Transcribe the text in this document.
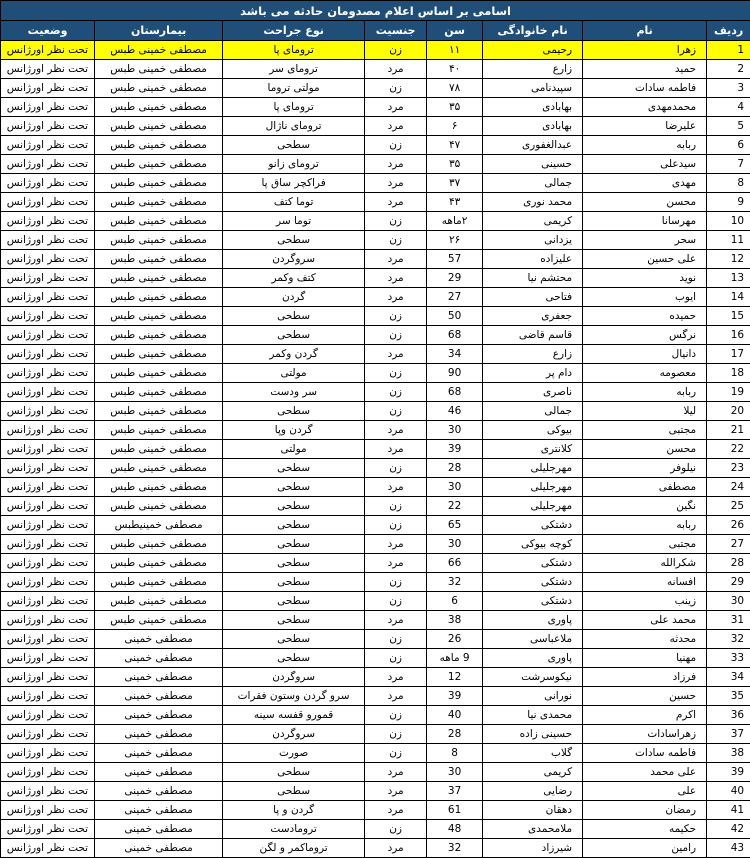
اسامی بر اساس اعلام مصدومان حادثه می باشد							
ردیف	نام	نام خانوادگی	سن	جنسیت	نوع جراحت	بیمارستان	وضعیت
1	زهرا	رحیمی	۱۱	زن	ترومای پا	مصطفی خمینی طبس	تحت نظر اورژانس
2	حمید	زارع	۴۰	مرد	ترومای سر	مصطفی خمینی طبس	تحت نظر اورژانس
3	فاطمه سادات	سپیدنامی	۷۸	زن	مولتی تروما	مصطفی خمینی طبس	تحت نظر اورژانس
4	محمدمهدی	بهابادی	۳۵	مرد	ترومای پا	مصطفی خمینی طبس	تحت نظر اورژانس
5	علیرضا	بهابادی	۶	مرد	ترومای ناژال	مصطفی خمینی طبس	تحت نظر اورژانس
6	ربابه	عبدالغفوری	۴۷	زن	سطحی	مصطفی خمینی طبس	تحت نظر اورژانس
7	سیدعلی	حسینی	۳۵	مرد	ترومای زانو	مصطفی خمینی طبس	تحت نظر اورژانس
8	مهدی	جمالی	۳۷	مرد	فراکچر ساق پا	مصطفی خمینی طبس	تحت نظر اورژانس
9	محسن	محمد نوری	۴۳	مرد	توما کتف	مصطفی خمینی طبس	تحت نظر اورژانس
10	مهرسانا	کریمی	۲ماهه	زن	توما سر	مصطفی خمینی طبس	تحت نظر اورژانس
11	سحر	یزدانی	۲۶	زن	سطحی	مصطفی خمینی طبس	تحت نظر اورژانس
12	علی حسین	علیزاده	57	مرد	سروگردن	مصطفی خمینی طبس	تحت نظر اورژانس
13	نوید	محتشم نیا	29	مرد	کتف وکمر	مصطفی خمینی طبس	تحت نظر اورژانس
14	ایوب	فتاحی	27	مرد	گردن	مصطفی خمینی طبس	تحت نظر اورژانس
15	حمیده	جعفری	50	زن	سطحی	مصطفی خمینی طبس	تحت نظر اورژانس
16	نرگس	قاسم قاضی	68	زن	سطحی	مصطفی خمینی طبس	تحت نظر اورژانس
17	دانیال	زارع	34	مرد	گردن وکمر	مصطفی خمینی طبس	تحت نظر اورژانس
18	معصومه	دام پر	90	زن	مولتی	مصطفی خمینی طبس	تحت نظر اورژانس
19	ربابه	ناصری	68	زن	سر ودست	مصطفی خمینی طبس	تحت نظر اورژانس
20	لیلا	جمالی	46	زن	سطحی	مصطفی خمینی طبس	تحت نظر اورژانس
21	مجتبی	بیوکی	30	مرد	گردن وپا	مصطفی خمینی طبس	تحت نظر اورژانس
22	محسن	کلانتری	39	مرد	مولتی	مصطفی خمینی طبس	تحت نظر اورژانس
23	نیلوفر	مهرجلیلی	28	زن	سطحی	مصطفی خمینی طبس	تحت نظر اورژانس
24	مصطفی	مهرجلیلی	30	مرد	سطحی	مصطفی خمینی طبس	تحت نظر اورژانس
25	نگین	مهرجلیلی	22	زن	سطحی	مصطفی خمینی طبس	تحت نظر اورژانس
26	ربابه	دشتکی	65	زن	سطحی	مصطفی خمینیطبس	تحت نظر اورژانس
27	مجتبی	کوچه بیوکی	30	مرد	سطحی	مصطفی خمینی طبس	تحت نظر اورژانس
28	شکرالله	دشتکی	66	مرد	سطحی	مصطفی خمینی طبس	تحت نظر اورژانس
29	افسانه	دشتکی	32	زن	سطحی	مصطفی خمینی طبس	تحت نظر اورژانس
30	زینب	دشتکی	6	زن	سطحی	مصطفی خمینی طبس	تحت نظر اورژانس
31	محمد علی	پاوری	38	مرد	سطحی	مصطفی خمینی طبس	تحت نظر اورژانس
32	محدثه	ملاعباسی	26	زن	سطحی	مصطفی خمینی	تحت نظر اورژانس
33	مهنیا	پاوری	9 ماهه	زن	سطحی	مصطفی خمینی	تحت نظر اورژانس
34	فرزاد	نیکوسرشت	12	مرد	سروگردن	مصطفی خمینی	تحت نظر اورژانس
35	حسین	نورانی	39	مرد	سرو گردن وستون فقرات	مصطفی خمینی	تحت نظر اورژانس
36	اکرم	محمدی نیا	40	زن	قمورو قفسه سینه	مصطفی خمینی	تحت نظر اورژانس
37	زهراسادات	حسینی زاده	28	زن	سروگردن	مصطفی خمینی	تحت نظر اورژانس
38	فاطمه سادات	گلاب	8	زن	صورت	مصطفی خمینی	تحت نظر اورژانس
39	علی محمد	کریمی	30	مرد	سطحی	مصطفی خمینی	تحت نظر اورژانس
40	علی	رضایی	37	مرد	سطحی	مصطفی خمینی	تحت نظر اورژانس
41	رمضان	دهقان	61	مرد	گردن و پا	مصطفی خمینی	تحت نظر اورژانس
42	حکیمه	ملامحمدی	48	زن	ترومادست	مصطفی خمینی	تحت نظر اورژانس
43	رامین	شیرزاد	32	مرد	تروماکمر و لگن	مصطفی خمینی	تحت نظر اورژانس
